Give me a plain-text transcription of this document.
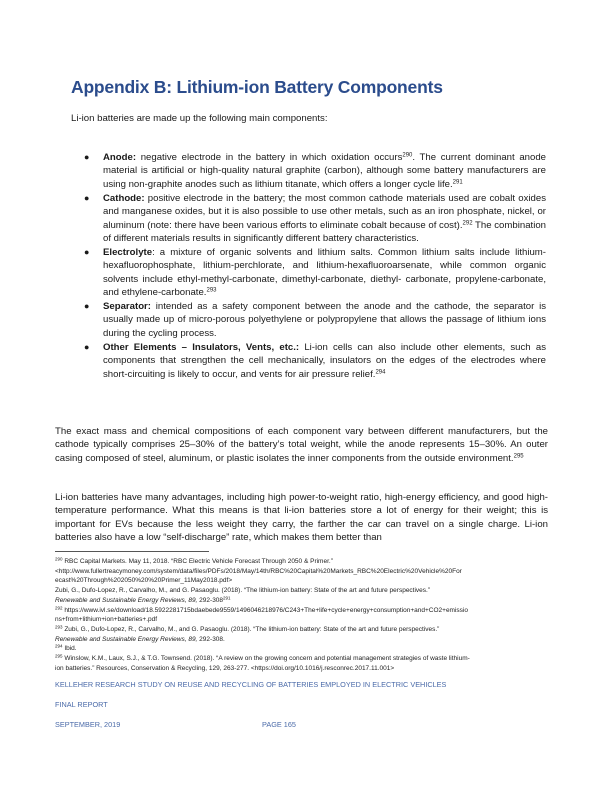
Appendix B: Lithium-ion Battery Components

Li-ion batteries are made up the following main components:

● Anode: negative electrode in the battery in which oxidation occurs$^{290}$. The current dominant anode material is artificial or high-quality natural graphite (carbon), although some battery manufacturers are using non-graphite anodes such as lithium titanate, which offers a longer cycle life.$^{291}$
● Cathode: positive electrode in the battery; the most common cathode materials used are cobalt oxides and manganese oxides, but it is also possible to use other metals, such as an iron phosphate, nickel, or aluminum (note: there have been various efforts to eliminate cobalt because of cost).$^{292}$ The combination of different materials results in significantly different battery characteristics.
● Electrolyte: a mixture of organic solvents and lithium salts. Common lithium salts include lithium-hexafluorophosphate, lithium-perchlorate, and lithium-hexafluoroarsenate, while common organic solvents include ethyl-methyl-carbonate, dimethyl-carbonate, diethyl- carbonate, propylene-carbonate, and ethylene-carbonate.$^{293}$
● Separator: intended as a safety component between the anode and the cathode, the separator is usually made up of micro-porous polyethylene or polypropylene that allows the passage of lithium ions during the cycling process.
● Other Elements – Insulators, Vents, etc.: Li-ion cells can also include other elements, such as components that strengthen the cell mechanically, insulators on the edges of the electrodes where short-circuiting is likely to occur, and vents for air pressure relief.$^{294}$

The exact mass and chemical compositions of each component vary between different manufacturers, but the cathode typically comprises 25–30% of the battery’s total weight, while the anode represents 15–30%. An outer casing composed of steel, aluminum, or plastic isolates the inner components from the outside environment.$^{295}$

Li-ion batteries have many advantages, including high power-to-weight ratio, high-energy efficiency, and good high-temperature performance. What this means is that li-ion batteries store a lot of energy for their weight; this is important for EVs because the less weight they carry, the farther the car can travel on a single charge. Li-ion batteries also have a low “self-discharge” rate, which makes them better than

$^{290}$ RBC Capital Markets. May 11, 2018. “RBC Electric Vehicle Forecast Through 2050 & Primer.”
<http://www.fullertreacymoney.com/system/data/files/PDFs/2018/May/14th/RBC%20Capital%20Markets_RBC%20Electric%20Vehicle%20For
ecast%20Through%202050%20%20Primer_11May2018.pdf>
Zubi, G., Dufo-Lopez, R., Carvalho, M., and G. Pasaoglu. (2018). “The lithium-ion battery: State of the art and future perspectives.”
Renewable and Sustainable Energy Reviews, 89, $292-308^{291}$
$^{292}$ https://www.ivl.se/download/18.5922281715bdaebede9559/1496046218976/C243+The+life+cycle+energy+consumption+and+CO2+emissio
ns+from+lithium+ion+batteries+.pdf
$^{293}$ Zubi, G., Dufo-Lopez, R., Carvalho, M., and G. Pasaoglu. (2018). “The lithium-ion battery: State of the art and future perspectives.”
Renewable and Sustainable Energy Reviews, 89, 292-308.
$^{294}$ Ibid.
$^{295}$ Winslow, K.M., Laux, S.J., & T.G. Townsend. (2018). “A review on the growing concern and potential management strategies of waste lithium-
ion batteries.” Resources, Conservation & Recycling, 129, 263-277. <https://doi.org/10.1016/j.resconrec.2017.11.001>
KELLEHER RESEARCH STUDY ON REUSE AND RECYCLING OF BATTERIES EMPLOYED IN ELECTRIC VEHICLES
FINAL REPORT
SEPTEMBER, 2019	PAGE 165
